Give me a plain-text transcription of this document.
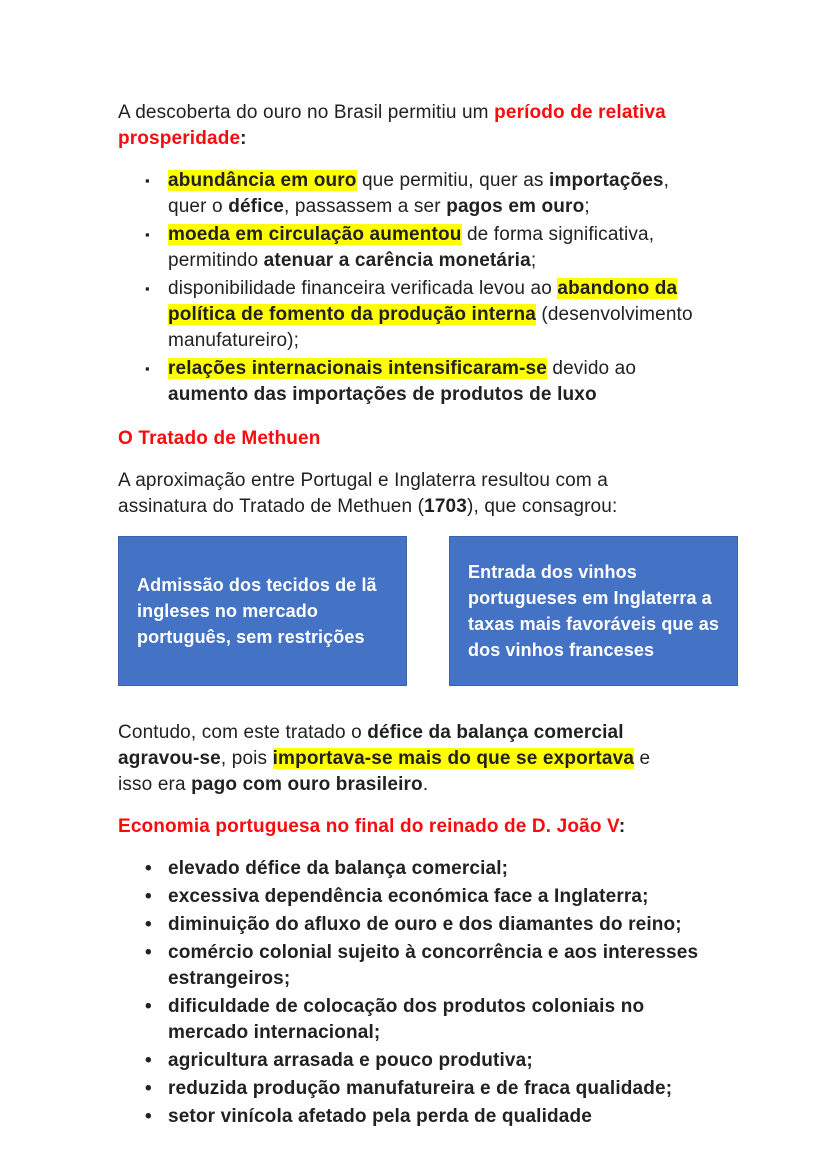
A descoberta do ouro no Brasil permitiu um período de relativa prosperidade:

▪ abundância em ouro que permitiu, quer as importações, quer o défice, passassem a ser pagos em ouro;
▪ moeda em circulação aumentou de forma significativa, permitindo atenuar a carência monetária;
▪ disponibilidade financeira verificada levou ao abandono da política de fomento da produção interna (desenvolvimento manufatureiro);
▪ relações internacionais intensificaram-se devido ao aumento das importações de produtos de luxo
O Tratado de Methuen

A aproximação entre Portugal e Inglaterra resultou com a assinatura do Tratado de Methuen (1703), que consagrou:

Admissão dos tecidos de lã ingleses no mercado português, sem restrições
Entrada dos vinhos portugueses em Inglaterra a taxas mais favoráveis que as dos vinhos franceses

Contudo, com este tratado o défice da balança comercial agravou-se, pois importava-se mais do que se exportava e isso era pago com ouro brasileiro.

Economia portuguesa no final do reinado de D. João V:
• elevado défice da balança comercial;
• excessiva dependência económica face a Inglaterra;
• diminuição do afluxo de ouro e dos diamantes do reino;
• comércio colonial sujeito à concorrência e aos interesses estrangeiros;
• dificuldade de colocação dos produtos coloniais no mercado internacional;
• agricultura arrasada e pouco produtiva;
• reduzida produção manufatureira e de fraca qualidade;
• setor vinícola afetado pela perda de qualidade
